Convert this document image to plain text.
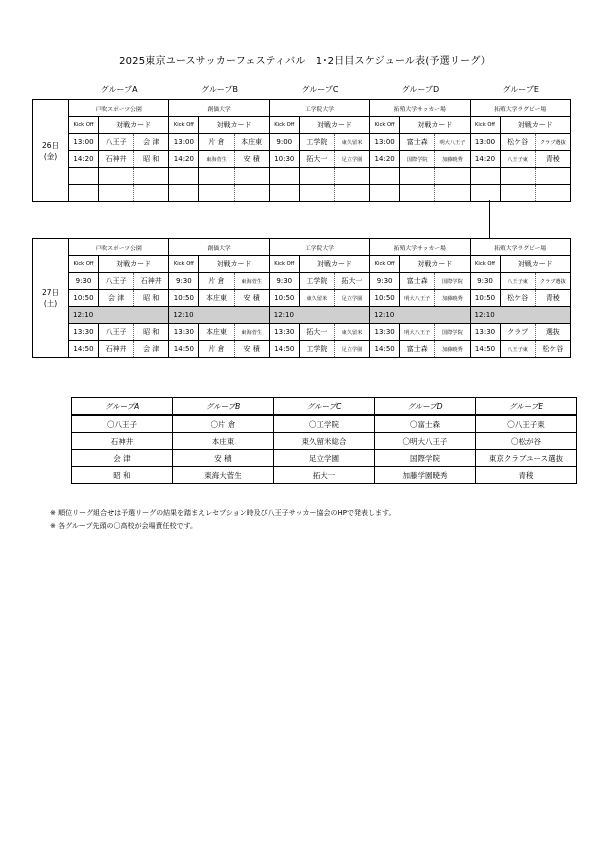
2025東京ユースサッカーフェスティバル　1･2日目スケジュール表(予選リーグ）
グループA	グループB	グループC	グループD	グループE
26日
(金)	戸吹スポーツ公園			創価大学			工学院大学			拓殖大学サッカー場			拓殖大学ラグビー場		
	Kick Off	対戦カード		Kick Off	対戦カード		Kick Off	対戦カード		Kick Off	対戦カード		Kick Off	対戦カード	
	13:00	八王子	会 津	13:00	片 倉	本庄東	9:00	工学院	東久留米	13:00	富士森	明大八王子	13:00	松ケ谷	クラブ選抜
	14:20	石神井	昭 和	14:20	東海菅生	安 積	10:30	拓大一	足立学園	14:20	国際学院	加藤暁秀	14:20	八王子東	青稜

27日
(土)	戸吹スポーツ公園			創価大学			工学院大学			拓殖大学サッカー場			拓殖大学ラグビー場		
	Kick Off	対戦カード		Kick Off	対戦カード		Kick Off	対戦カード		Kick Off	対戦カード		Kick Off	対戦カード	
	9:30	八王子	石神井	9:30	片 倉	東海菅生	9:30	工学院	拓大一	9:30	富士森	国際学院	9:30	八王子東	クラブ選抜
	10:50	会 津	昭 和	10:50	本庄東	安 積	10:50	東久留米	足立学園	10:50	明大八王子	加藤暁秀	10:50	松ケ谷	青稜
	12:10			12:10			12:10			12:10			12:10		
	13:30	八王子	昭 和	13:30	本庄東	東海菅生	13:30	拓大一	東久留米	13:30	明大八王子	国際学院	13:30	クラブ	選抜
	14:50	石神井	会 津	14:50	片 倉	安 積	14:50	工学院	足立学園	14:50	富士森	加藤暁秀	14:50	八王子東	松ケ谷
グループA	グループB	グループC	グループD	グループE
〇八王子	〇片 倉	〇工学院	〇富士森	〇八王子東
石神井	本庄東	東久留米総合	〇明大八王子	〇松が谷
会 津	安 積	足立学園	国際学院	東京クラブユース選抜
昭 和	東海大菅生	拓大一	加藤学園暁秀	青稜
※ 順位リーグ組合せは予選リーグの結果を踏まえレセプション時及び八王子サッカー協会のHPで発表します。
※ 各グループ先頭の〇高校が会場責任校です。
